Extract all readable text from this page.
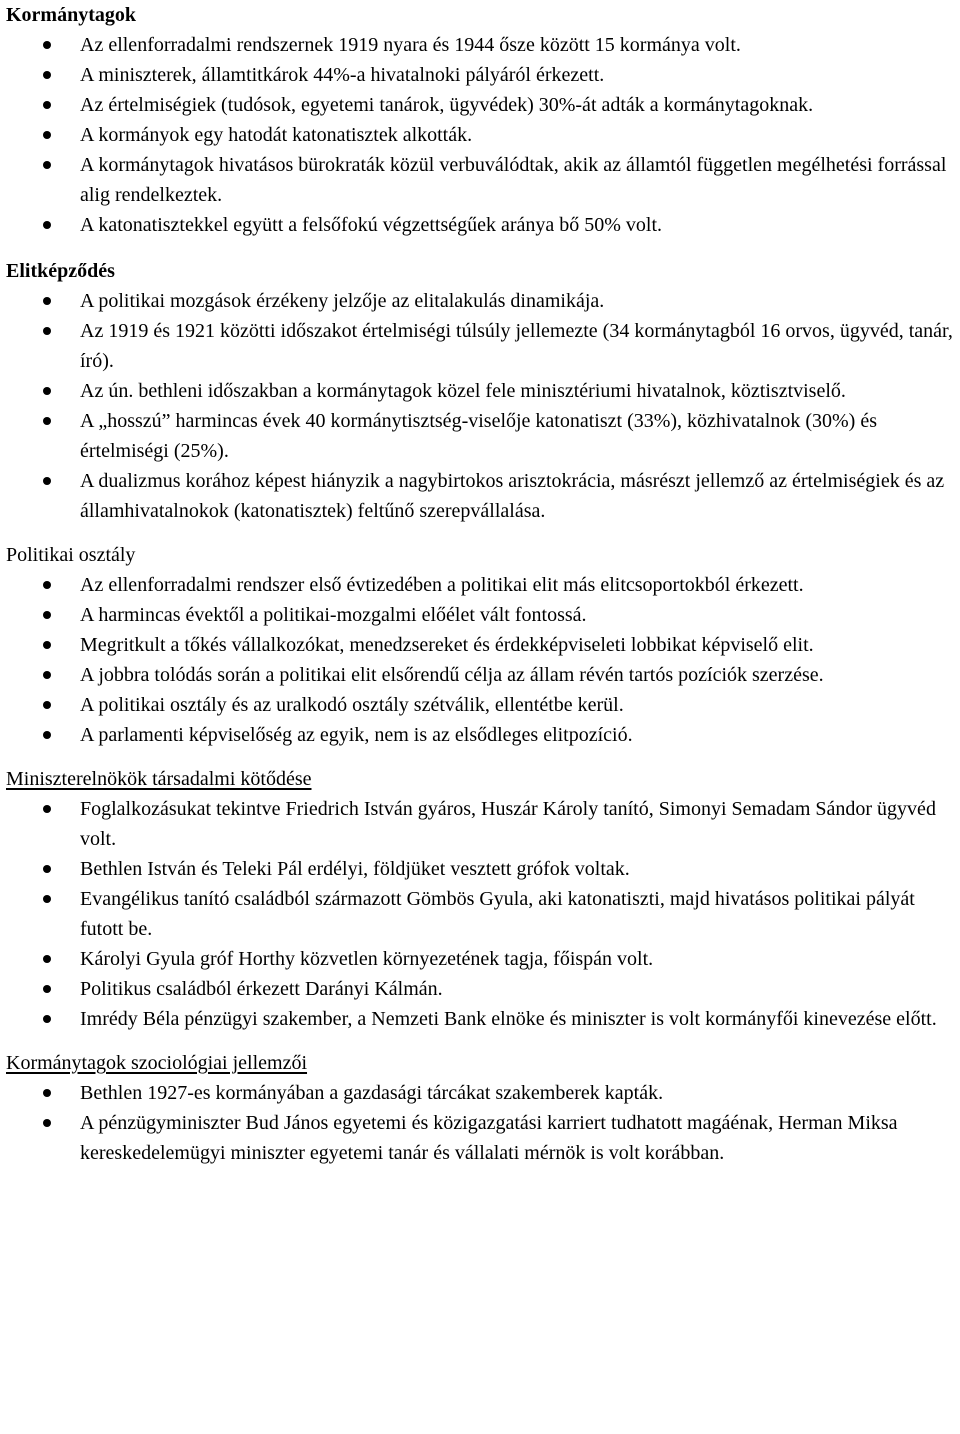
Kormánytagok
Az ellenforradalmi rendszernek 1919 nyara és 1944 ősze között 15 kormánya volt.
A miniszterek, államtitkárok 44%-a hivatalnoki pályáról érkezett.
Az értelmiségiek (tudósok, egyetemi tanárok, ügyvédek) 30%-át adták a kormánytagoknak.
A kormányok egy hatodát katonatisztek alkották.
A kormánytagok hivatásos bürokraták közül verbuválódtak, akik az államtól független megélhetési forrással alig rendelkeztek.
A katonatisztekkel együtt a felsőfokú végzettségűek aránya bő 50% volt.
Elitképződés
A politikai mozgások érzékeny jelzője az elitalakulás dinamikája.
Az 1919 és 1921 közötti időszakot értelmiségi túlsúly jellemezte (34 kormánytagból 16 orvos, ügyvéd, tanár, író).
Az ún. bethleni időszakban a kormánytagok közel fele minisztériumi hivatalnok, köztisztviselő.
A „hosszú” harmincas évek 40 kormánytisztség-viselője katonatiszt (33%), közhivatalnok (30%) és értelmiségi (25%).
A dualizmus korához képest hiányzik a nagybirtokos arisztokrácia, másrészt jellemző az értelmiségiek és az államhivatalnokok (katonatisztek) feltűnő szerepvállalása.
Politikai osztály
Az ellenforradalmi rendszer első évtizedében a politikai elit más elitcsoportokból érkezett.
A harmincas évektől a politikai-mozgalmi előélet vált fontossá.
Megritkult a tőkés vállalkozókat, menedzsereket és érdekképviseleti lobbikat képviselő elit.
A jobbra tolódás során a politikai elit elsőrendű célja az állam révén tartós pozíciók szerzése.
A politikai osztály és az uralkodó osztály szétválik, ellentétbe kerül.
A parlamenti képviselőség az egyik, nem is az elsődleges elitpozíció.
Miniszterelnökök társadalmi kötődése
Foglalkozásukat tekintve Friedrich István gyáros, Huszár Károly tanító, Simonyi Semadam Sándor ügyvéd volt.
Bethlen István és Teleki Pál erdélyi, földjüket vesztett grófok voltak.
Evangélikus tanító családból származott Gömbös Gyula, aki katonatiszti, majd hivatásos politikai pályát futott be.
Károlyi Gyula gróf Horthy közvetlen környezetének tagja, főispán volt.
Politikus családból érkezett Darányi Kálmán.
Imrédy Béla pénzügyi szakember, a Nemzeti Bank elnöke és miniszter is volt kormányfői kinevezése előtt.
Kormánytagok szociológiai jellemzői
Bethlen 1927-es kormányában a gazdasági tárcákat szakemberek kapták.
A pénzügyminiszter Bud János egyetemi és közigazgatási karriert tudhatott magáénak, Herman Miksa kereskedelemügyi miniszter egyetemi tanár és vállalati mérnök is volt korábban.
